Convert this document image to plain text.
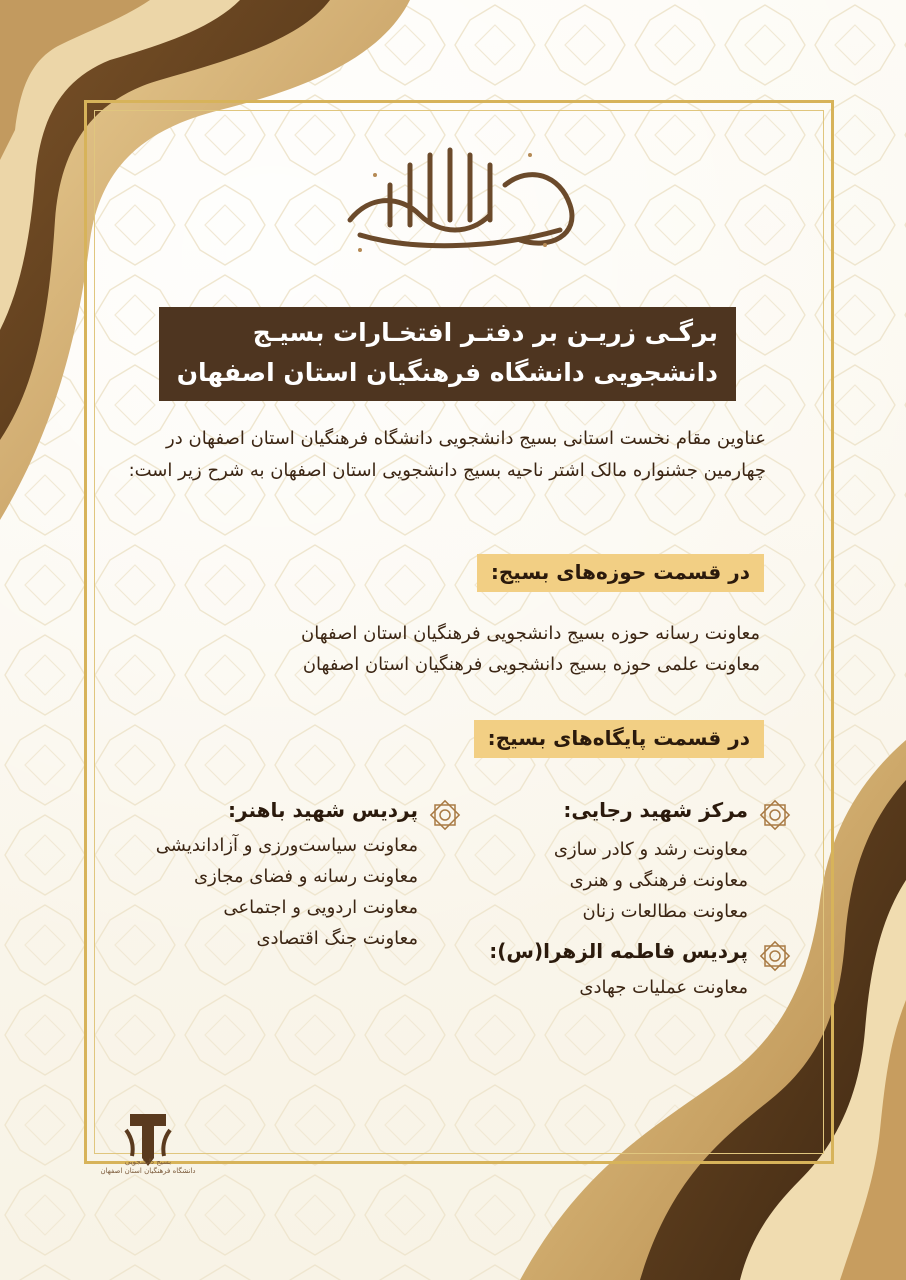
برگـی زریـن بر دفتـر افتخـارات بسیـج
دانشجویی دانشگاه فرهنگیان استان اصفهان
عناوین مقام نخست استانی بسیج دانشجویی دانشگاه فرهنگیان استان اصفهان در چهارمین جشنواره مالک اشتر ناحیه بسیج دانشجویی استان اصفهان به شرح زیر است:
در قسمت حوزه‌های بسیج:
معاونت رسانه حوزه بسیج دانشجویی فرهنگیان استان اصفهان
معاونت علمی حوزه بسیج دانشجویی فرهنگیان استان اصفهان
در قسمت پایگاه‌های بسیج:
مرکز شهید رجایی:
معاونت رشد و کادر سازی
معاونت فرهنگی و هنری
معاونت مطالعات زنان
پردیس فاطمه الزهرا(س):
معاونت عملیات جهادی
پردیس شهید باهنر:
معاونت سیاست‌ورزی و آزاداندیشی
معاونت رسانه و فضای مجازی
معاونت اردویی و اجتماعی
معاونت جنگ اقتصادی
بسیج دانشجویی
دانشگاه فرهنگیان استان اصفهان
